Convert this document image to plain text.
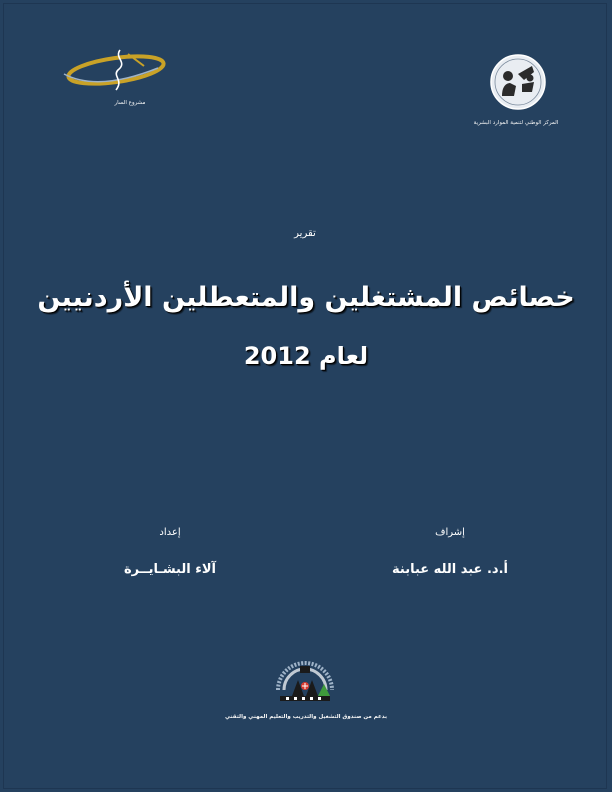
مشروع السار
المركز الوطني لتنمية الموارد البشرية
تقرير
خصائص المشتغلين والمتعطلين الأردنيين
لعام 2012
إشراف
أ.د. عبد الله عبابنة
إعداد
آلاء البشـايــرة
بدعم من صندوق التشغيل والتدريب والتعليم المهني والتقني
